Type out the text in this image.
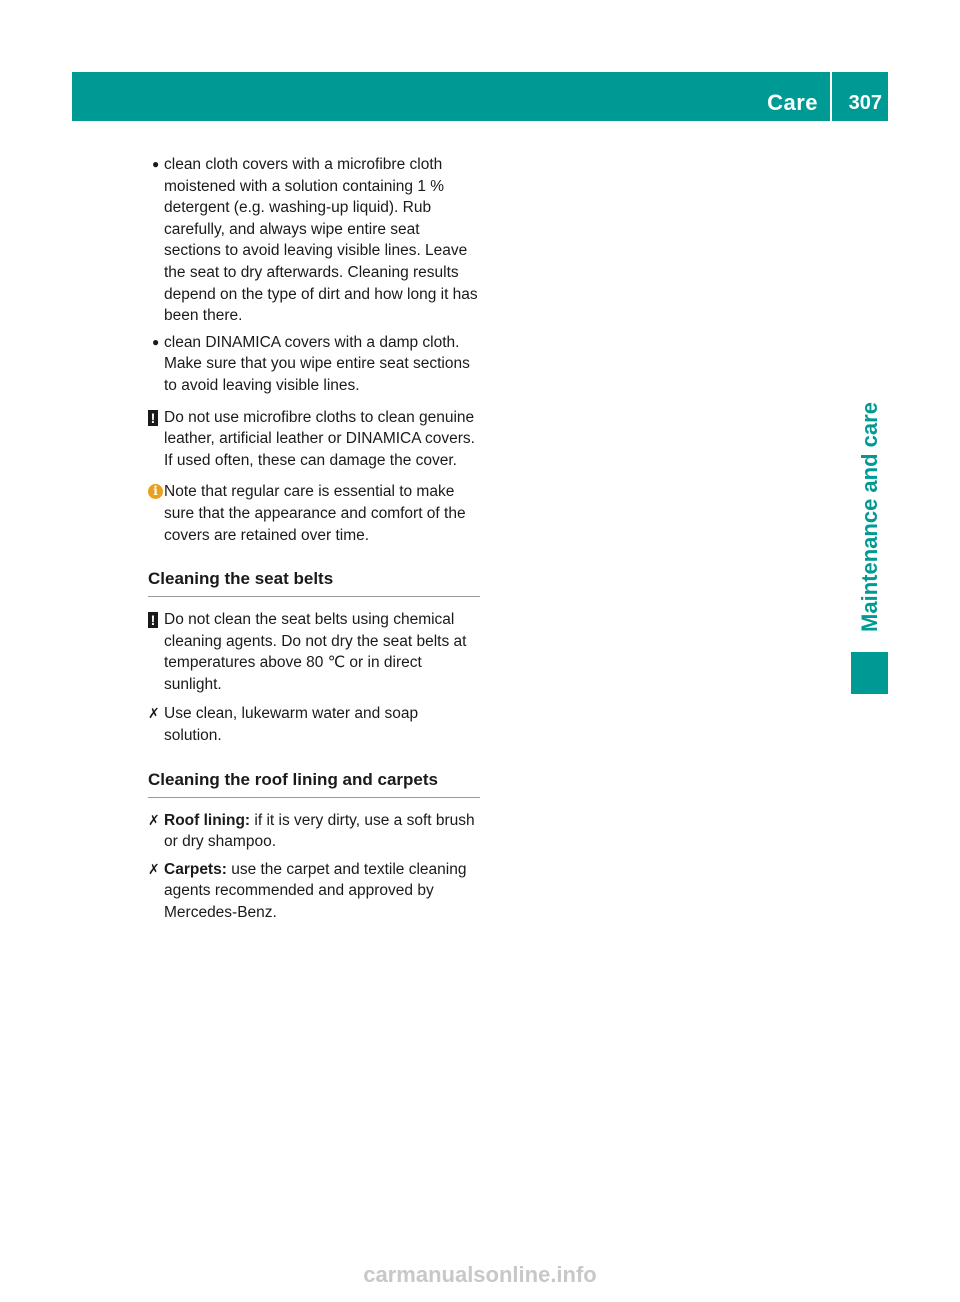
Care 307
Maintenance and care
● clean cloth covers with a microfibre cloth moistened with a solution containing 1 % detergent (e.g. washing-up liquid). Rub carefully, and always wipe entire seat sections to avoid leaving visible lines. Leave the seat to dry afterwards. Cleaning results depend on the type of dirt and how long it has been there.
● clean DINAMICA covers with a damp cloth. Make sure that you wipe entire seat sections to avoid leaving visible lines.
! Do not use microfibre cloths to clean genuine leather, artificial leather or DINAMICA covers. If used often, these can damage the cover.
i Note that regular care is essential to make sure that the appearance and comfort of the covers are retained over time.
Cleaning the seat belts
! Do not clean the seat belts using chemical cleaning agents. Do not dry the seat belts at temperatures above 80 ℃ or in direct sunlight.
✗ Use clean, lukewarm water and soap solution.
Cleaning the roof lining and carpets
✗ Roof lining: if it is very dirty, use a soft brush or dry shampoo.
✗ Carpets: use the carpet and textile cleaning agents recommended and approved by Mercedes-Benz.
carmanualsonline.info
